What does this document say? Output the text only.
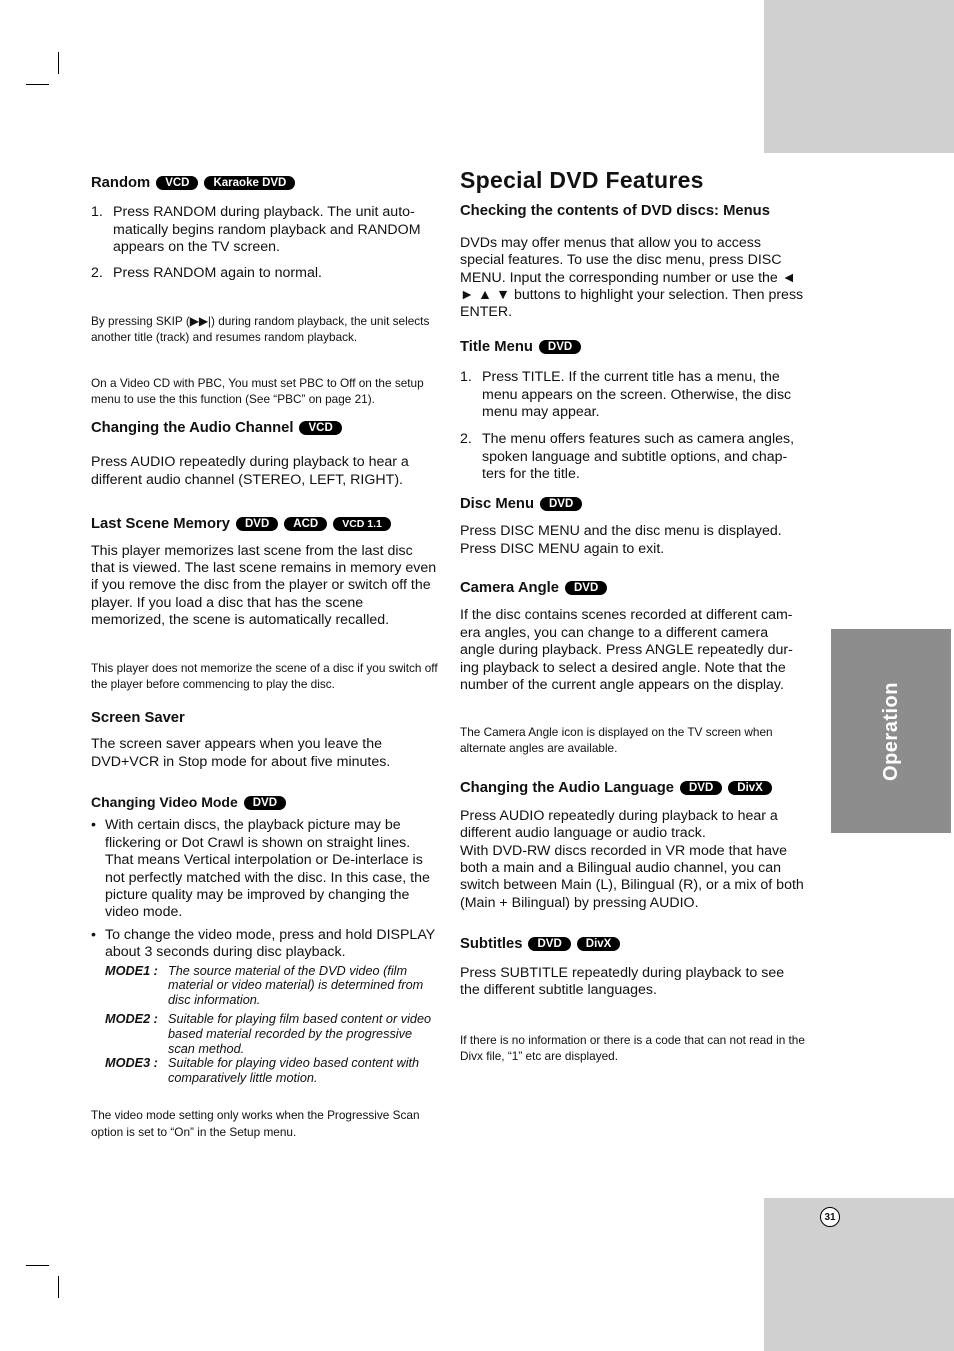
Operation
31
Random VCD Karaoke DVD
1. Press RANDOM during playback. The unit auto-matically begins random playback and RANDOM appears on the TV screen.
2. Press RANDOM again to normal.

By pressing SKIP (▶▶|) during random playback, the unit selects another title (track) and resumes random playback.

On a Video CD with PBC, You must set PBC to Off on the setup menu to use the this function (See “PBC” on page 21).

Changing the Audio Channel VCD

Press AUDIO repeatedly during playback to hear a different audio channel (STEREO, LEFT, RIGHT).

Last Scene Memory DVD ACD VCD 1.1

This player memorizes last scene from the last disc that is viewed. The last scene remains in memory even if you remove the disc from the player or switch off the player. If you load a disc that has the scene memorized, the scene is automatically recalled.

This player does not memorize the scene of a disc if you switch off the player before commencing to play the disc.

Screen Saver

The screen saver appears when you leave the DVD+VCR in Stop mode for about five minutes.

Changing Video Mode DVD
• With certain discs, the playback picture may be flickering or Dot Crawl is shown on straight lines. That means Vertical interpolation or De-interlace is not perfectly matched with the disc. In this case, the picture quality may be improved by changing the video mode.
• To change the video mode, press and hold DISPLAY about 3 seconds during disc playback.
MODE1 : The source material of the DVD video (film material or video material) is determined from disc information.
MODE2 : Suitable for playing film based content or video based material recorded by the progressive scan method.
MODE3 : Suitable for playing video based content with comparatively little motion.

The video mode setting only works when the Progressive Scan option is set to “On” in the Setup menu.

Special DVD Features
Checking the contents of DVD discs: Menus

DVDs may offer menus that allow you to access special features. To use the disc menu, press DISC MENU. Input the corresponding number or use the ◄ ► ▲ ▼ buttons to highlight your selection. Then press ENTER.

Title Menu DVD
1. Press TITLE. If the current title has a menu, the menu appears on the screen. Otherwise, the disc menu may appear.
2. The menu offers features such as camera angles, spoken language and subtitle options, and chap-ters for the title.
Disc Menu DVD

Press DISC MENU and the disc menu is displayed. Press DISC MENU again to exit.

Camera Angle DVD

If the disc contains scenes recorded at different cam-era angles, you can change to a different camera angle during playback. Press ANGLE repeatedly dur-ing playback to select a desired angle. Note that the number of the current angle appears on the display.

The Camera Angle icon is displayed on the TV screen when alternate angles are available.

Changing the Audio Language DVD DivX

Press AUDIO repeatedly during playback to hear a different audio language or audio track.

With DVD-RW discs recorded in VR mode that have both a main and a Bilingual audio channel, you can switch between Main (L), Bilingual (R), or a mix of both (Main + Bilingual) by pressing AUDIO.

Subtitles DVD DivX

Press SUBTITLE repeatedly during playback to see the different subtitle languages.

If there is no information or there is a code that can not read in the Divx file, “1” etc are displayed.
